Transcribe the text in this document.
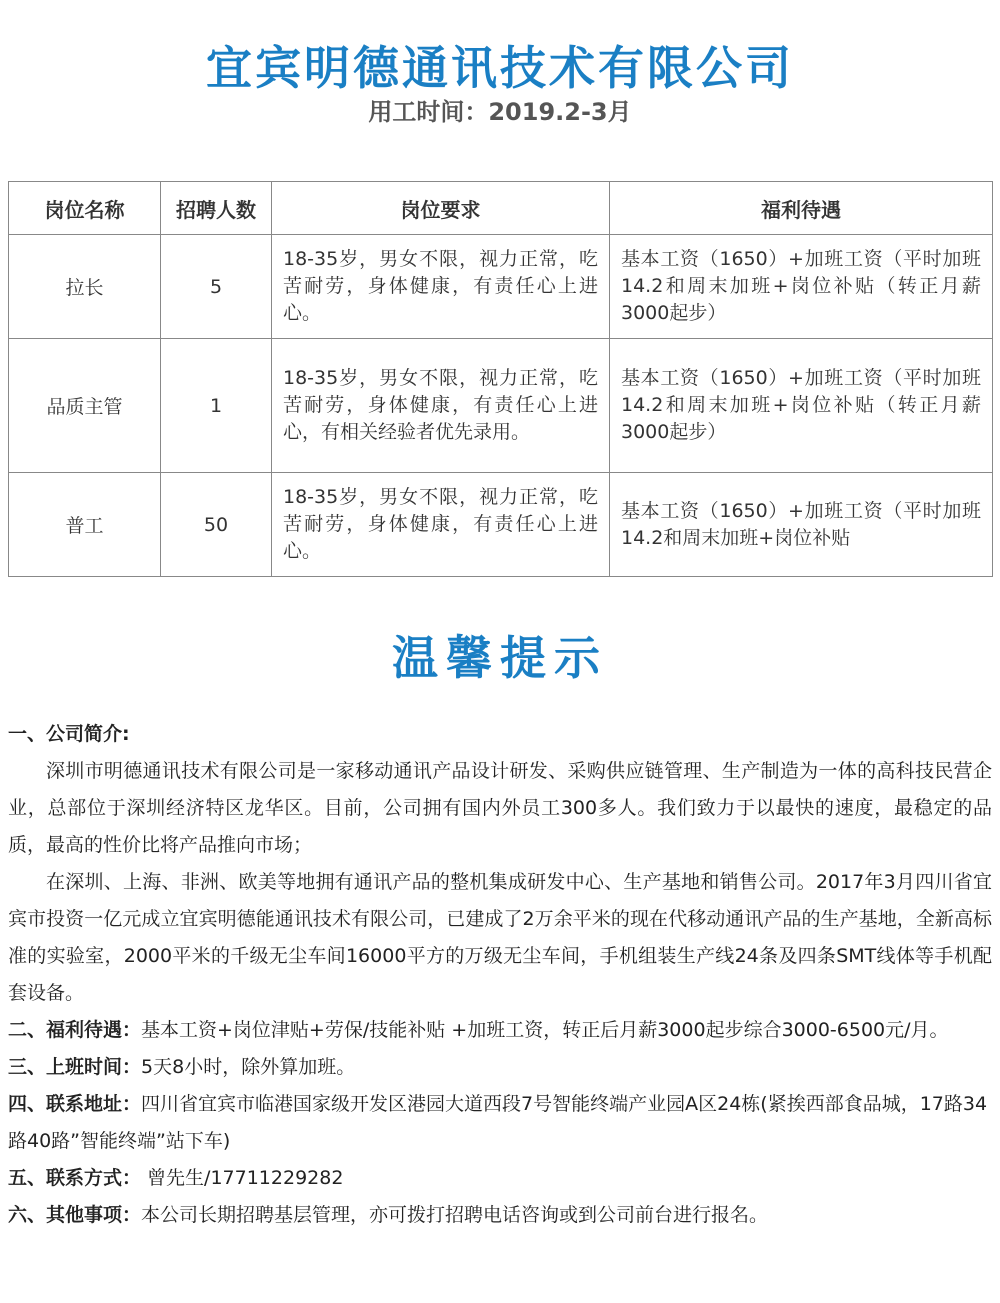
宜宾明德通讯技术有限公司
用工时间：2019.2-3月
岗位名称	招聘人数	岗位要求	福利待遇
拉长	5	18-35岁，男女不限，视力正常，吃苦耐劳，身体健康，有责任心上进心。	基本工资（1650）+加班工资（平时加班14.2和周末加班+岗位补贴（转正月薪3000起步）
品质主管	1	18-35岁，男女不限，视力正常，吃苦耐劳，身体健康，有责任心上进心，有相关经验者优先录用。	基本工资（1650）+加班工资（平时加班14.2和周末加班+岗位补贴（转正月薪3000起步）
普工	50	18-35岁，男女不限，视力正常，吃苦耐劳，身体健康，有责任心上进心。	基本工资（1650）+加班工资（平时加班14.2和周末加班+岗位补贴
温馨提示

一、公司简介:

深圳市明德通讯技术有限公司是一家移动通讯产品设计研发、采购供应链管理、生产制造为一体的高科技民营企业，总部位于深圳经济特区龙华区。目前，公司拥有国内外员工300多人。我们致力于以最快的速度，最稳定的品质，最高的性价比将产品推向市场；

在深圳、上海、非洲、欧美等地拥有通讯产品的整机集成研发中心、生产基地和销售公司。2017年3月四川省宜宾市投资一亿元成立宜宾明德能通讯技术有限公司，已建成了2万余平米的现在代移动通讯产品的生产基地，全新高标准的实验室，2000平米的千级无尘车间16000平方的万级无尘车间，手机组装生产线24条及四条SMT线体等手机配套设备。

二、福利待遇：基本工资+岗位津贴+劳保/技能补贴 +加班工资，转正后月薪3000起步综合3000-6500元/月。

三、上班时间：5天8小时，除外算加班。

四、联系地址：四川省宜宾市临港国家级开发区港园大道西段7号智能终端产业园A区24栋(紧挨西部食品城，17路34路40路”智能终端”站下车)

五、联系方式： 曾先生/17711229282

六、其他事项：本公司长期招聘基层管理，亦可拨打招聘电话咨询或到公司前台进行报名。
